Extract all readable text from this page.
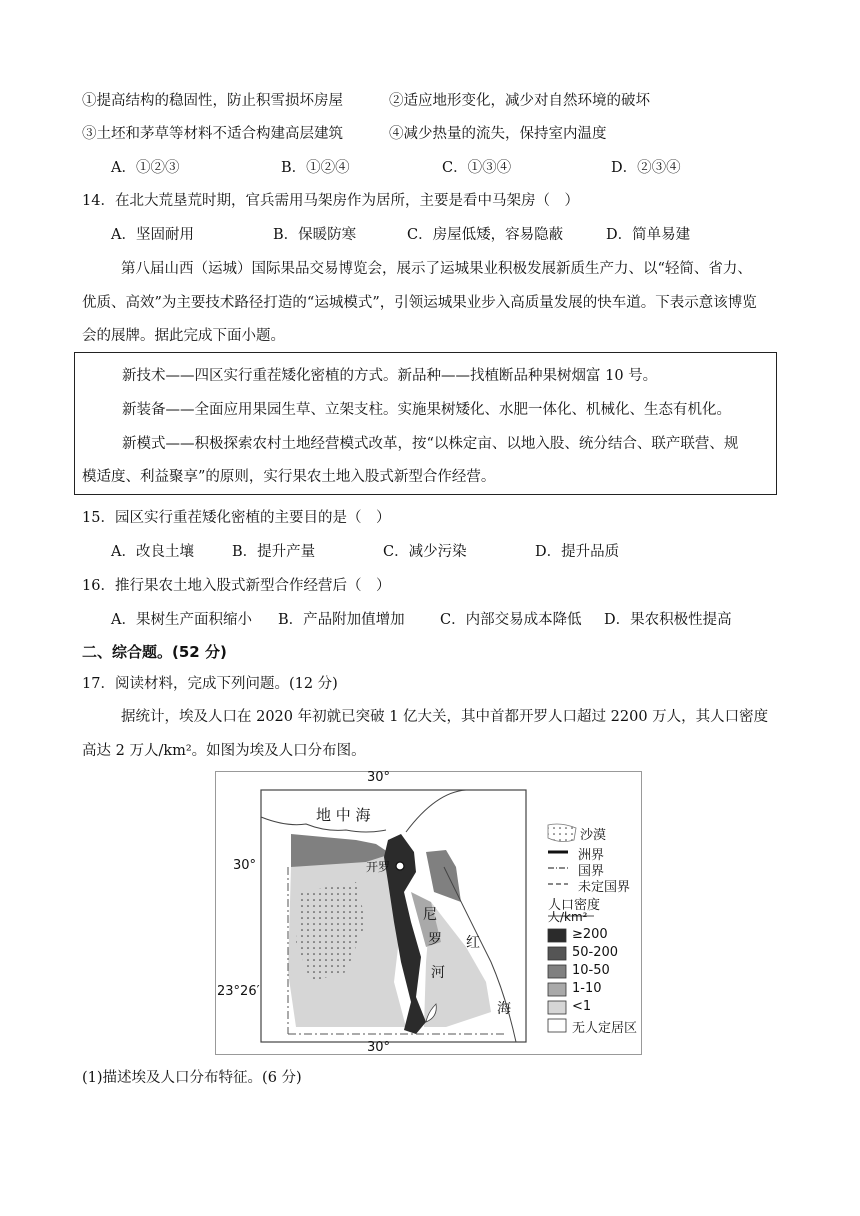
①提高结构的稳固性，防止积雪损坏房屋	②适应地形变化，减少对自然环境的破坏
③土坯和茅草等材料不适合构建高层建筑	④减少热量的流失，保持室内温度
A．①②③	B．①②④	C．①③④	D．②③④
14．在北大荒垦荒时期，官兵需用马架房作为居所，主要是看中马架房（　）
A．坚固耐用	B．保暖防寒	C．房屋低矮，容易隐蔽	D．简单易建
第八届山西（运城）国际果品交易博览会，展示了运城果业积极发展新质生产力、以“轻简、省力、
优质、高效”为主要技术路径打造的“运城模式”，引领运城果业步入高质量发展的快车道。下表示意该博览
会的展牌。据此完成下面小题。
新技术——四区实行重茬矮化密植的方式。新品种——找植断品种果树烟富 10 号。
新装备——全面应用果园生草、立架支柱。实施果树矮化、水肥一体化、机械化、生态有机化。
新模式——积极探索农村土地经营模式改革，按“以株定亩、以地入股、统分结合、联产联营、规
模适度、利益聚享”的原则，实行果农土地入股式新型合作经营。
15．园区实行重茬矮化密植的主要目的是（　）
A．改良土壤	B．提升产量	C．减少污染	D．提升品质
16．推行果农土地入股式新型合作经营后（　）
A．果树生产面积缩小 B．产品附加值增加 C．内部交易成本降低 D．果农积极性提高
二、综合题。(52 分)
17．阅读材料，完成下列问题。(12 分)
据统计，埃及人口在 2020 年初就已突破 1 亿大关，其中首都开罗人口超过 2200 万人，其人口密度
高达 2 万人/km²。如图为埃及人口分布图。
30°
30°
30°
23°26′
地 中 海
开罗
尼
罗
河
红
海
沙漠
洲界
国界
未定国界
人口密度
人/km²
≥200
50-200
10-50
1-10
<1
无人定居区
(1)描述埃及人口分布特征。(6 分)
